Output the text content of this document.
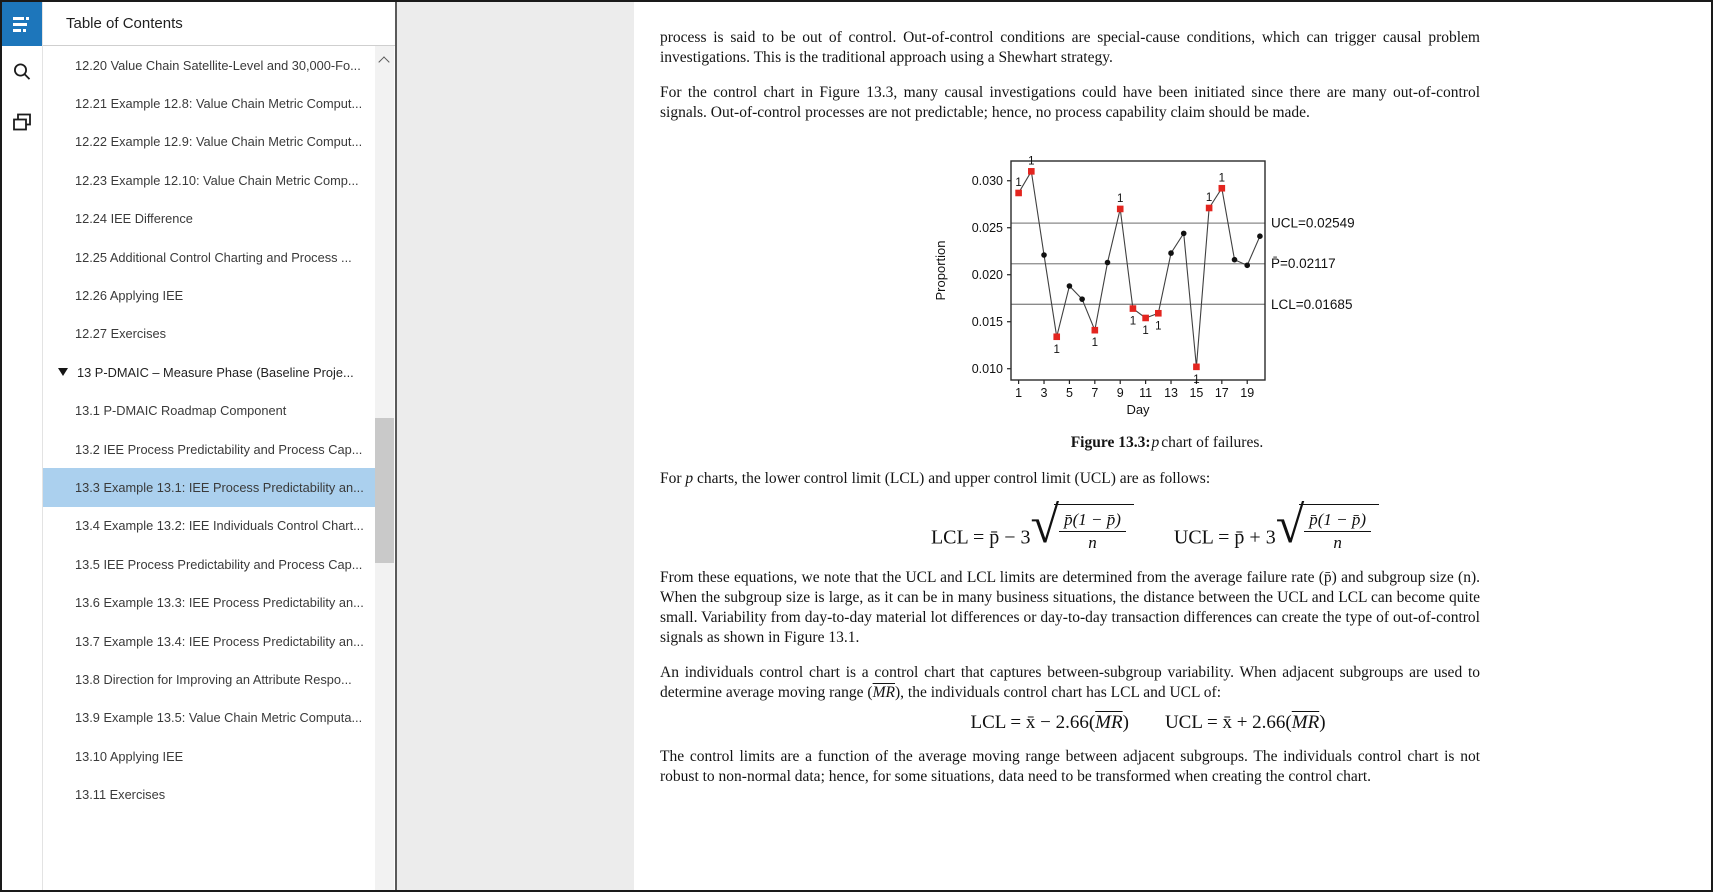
Table of Contents
12.20 Value Chain Satellite-Level and 30,000-Fo...
12.21 Example 12.8: Value Chain Metric Comput...
12.22 Example 12.9: Value Chain Metric Comput...
12.23 Example 12.10: Value Chain Metric Comp...
12.24 IEE Difference
12.25 Additional Control Charting and Process ...
12.26 Applying IEE
12.27 Exercises
13 P-DMAIC – Measure Phase (Baseline Proje...
13.1 P-DMAIC Roadmap Component
13.2 IEE Process Predictability and Process Cap...
13.3 Example 13.1: IEE Process Predictability an...
13.4 Example 13.2: IEE Individuals Control Chart...
13.5 IEE Process Predictability and Process Cap...
13.6 Example 13.3: IEE Process Predictability an...
13.7 Example 13.4: IEE Process Predictability an...
13.8 Direction for Improving an Attribute Respo...
13.9 Example 13.5: Value Chain Metric Computa...
13.10 Applying IEE
13.11 Exercises

process is said to be out of control. Out-of-control conditions are special-cause conditions, which can trigger causal problem investigations. This is the traditional approach using a Shewhart strategy.

For the control chart in Figure 13.3, many causal investigations could have been initiated since there are many out-of-control signals. Out-of-control processes are not predictable; hence, no process capability claim should be made.

UCL=0.02549
P̄=0.02117
LCL=0.01685
0.010
0.015
0.020
0.025
0.030
1 3 5 7 9 11 13 15 17 19
Proportion
Day
1
1
1
1
1
1
1 1
1
1
1
Figure 13.3:p chart of failures.

For p charts, the lower control limit (LCL) and upper control limit (UCL) are as follows:

LCL = p̄ − 3 √ $\frac{p̄(1 - p̄)}{n}$ UCL = p̄ + 3 √ $\frac{p̄(1 - p̄)}{n}$

From these equations, we note that the UCL and LCL limits are determined from the average failure rate (p̄) and subgroup size (n). When the subgroup size is large, as it can be in many business situations, the distance between the UCL and LCL can become quite small. Variability from day-to-day material lot differences or day-to-day transaction differences can create the type of out-of-control signals as shown in Figure 13.1.

An individuals control chart is a control chart that captures between-subgroup variability. When adjacent subgroups are used to determine average moving range $(\overline{MR})$, the individuals control chart has LCL and UCL of:

LCL = x̄ − $2.66(\overline{MR})$ UCL = x̄ + $2.66(\overline{MR})$

The control limits are a function of the average moving range between adjacent subgroups. The individuals control chart is not robust to non-normal data; hence, for some situations, data need to be transformed when creating the control chart.
